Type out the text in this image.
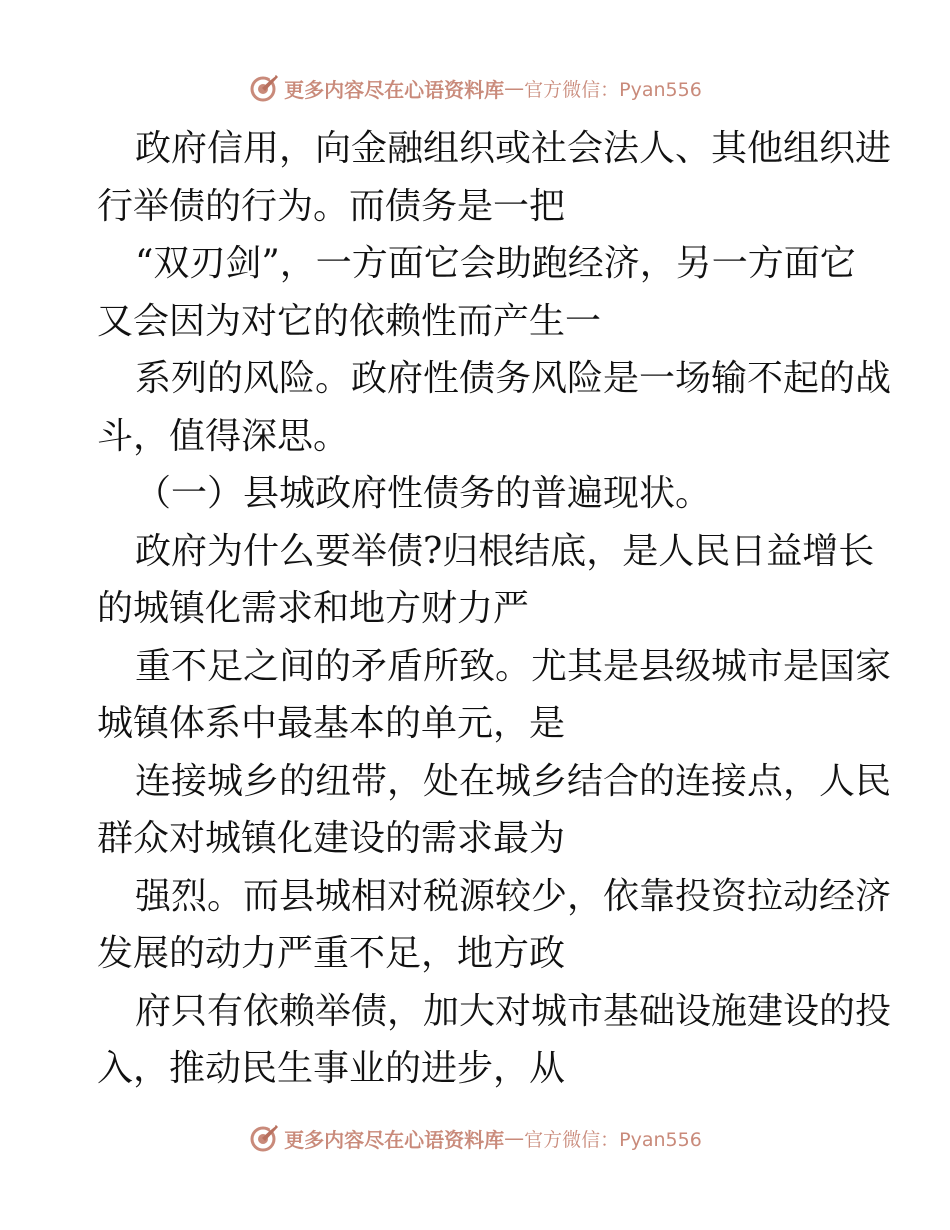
更多内容尽在心语资料库 — 官方微信：Pyan556
政府信用，向金融组织或社会法人、其他组织进
行举债的行为。而债务是一把
“双刃剑”，一方面它会助跑经济，另一方面它
又会因为对它的依赖性而产生一
系列的风险。政府性债务风险是一场输不起的战
斗，值得深思。
（一）县城政府性债务的普遍现状。
政府为什么要举债?归根结底，是人民日益增长
的城镇化需求和地方财力严
重不足之间的矛盾所致。尤其是县级城市是国家
城镇体系中最基本的单元，是
连接城乡的纽带，处在城乡结合的连接点，人民
群众对城镇化建设的需求最为
强烈。而县城相对税源较少，依靠投资拉动经济
发展的动力严重不足，地方政
府只有依赖举债，加大对城市基础设施建设的投
入，推动民生事业的进步，从
更多内容尽在心语资料库 — 官方微信：Pyan556
